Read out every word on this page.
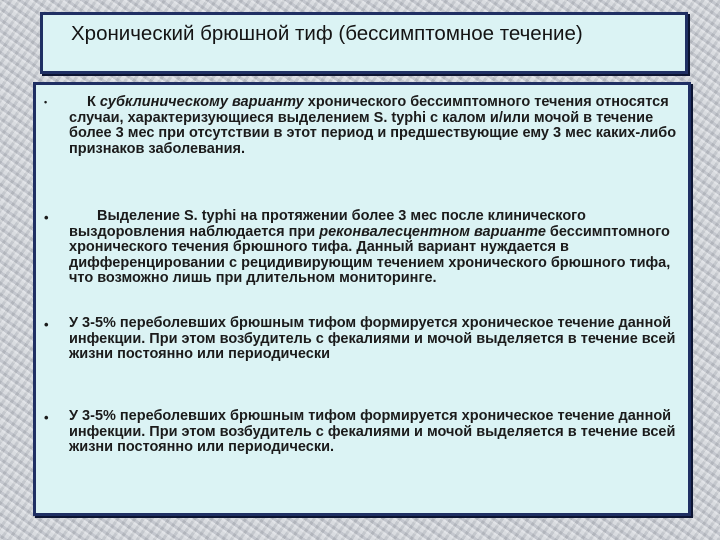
Хронический брюшной тиф (бессимптомное течение)
•	К субклиническому варианту хронического бессимптомного течения относятся случаи, характеризующиеся выделением S. typhi с калом и/или мочой в течение более 3 мес при отсутствии в этот период и предшествующие ему 3 мес каких-либо признаков заболевания.
•	Выделение S. typhi на протяжении более 3 мес после клинического выздоровления наблюдается при реконвалесцентном варианте бессимптомного хронического течения брюшного тифа. Данный вариант нуждается в дифференцировании с рецидивирующим течением хронического брюшного тифа, что возможно лишь при длительном мониторинге.
• У 3-5% переболевших брюшным тифом формируется хроническое течение данной инфекции. При этом возбудитель с фекалиями и мочой выделяется в течение всей жизни постоянно или периодически
• У 3-5% переболевших брюшным тифом формируется хроническое течение данной инфекции. При этом возбудитель с фекалиями и мочой выделяется в течение всей жизни постоянно или периодически.
